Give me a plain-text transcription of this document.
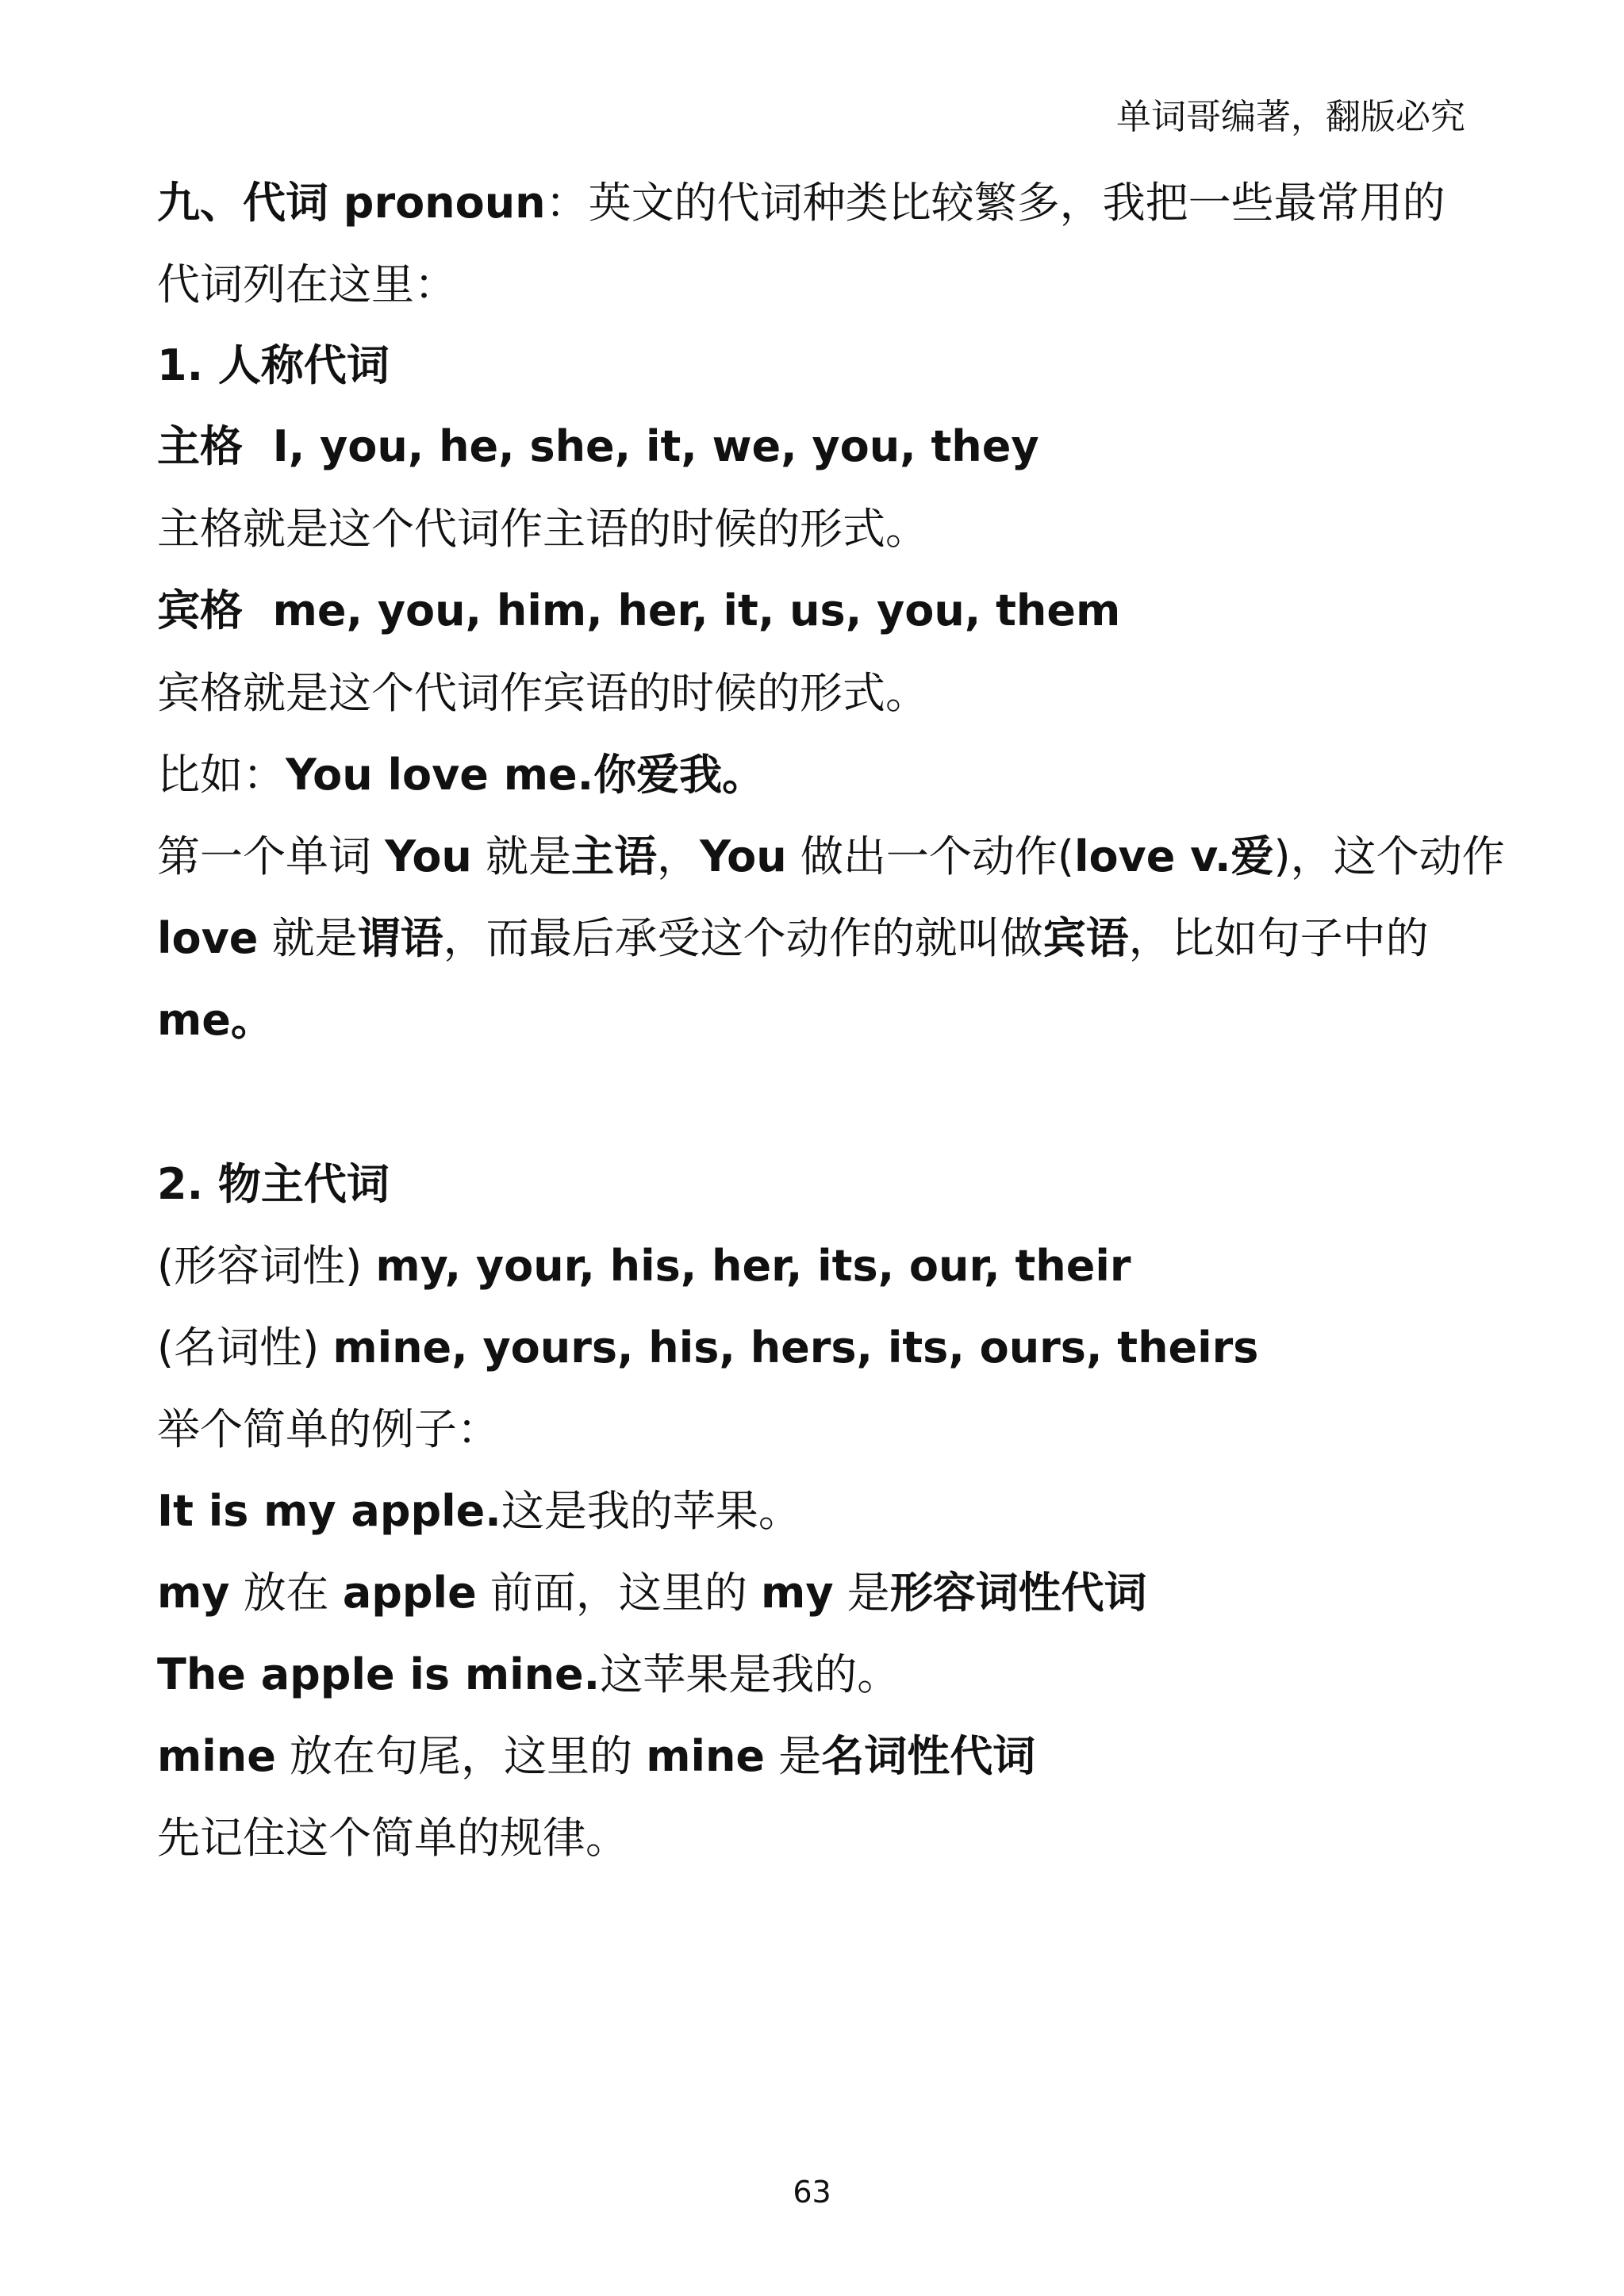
单词哥编著，翻版必究
九、代词 pronoun：英文的代词种类比较繁多，我把一些最常用的
代词列在这里：
1. 人称代词
主格 I, you, he, she, it, we, you, they
主格就是这个代词作主语的时候的形式。
宾格 me, you, him, her, it, us, you, them
宾格就是这个代词作宾语的时候的形式。
比如：You love me.你爱我。
第一个单词 You 就是主语，You 做出一个动作(love v.爱)，这个动作
love 就是谓语，而最后承受这个动作的就叫做宾语，比如句子中的
me。
2. 物主代词
(形容词性) my, your, his, her, its, our, their
(名词性) mine, yours, his, hers, its, ours, theirs
举个简单的例子：
It is my apple.这是我的苹果。
my 放在 apple 前面，这里的 my 是形容词性代词
The apple is mine.这苹果是我的。
mine 放在句尾，这里的 mine 是名词性代词
先记住这个简单的规律。
63
